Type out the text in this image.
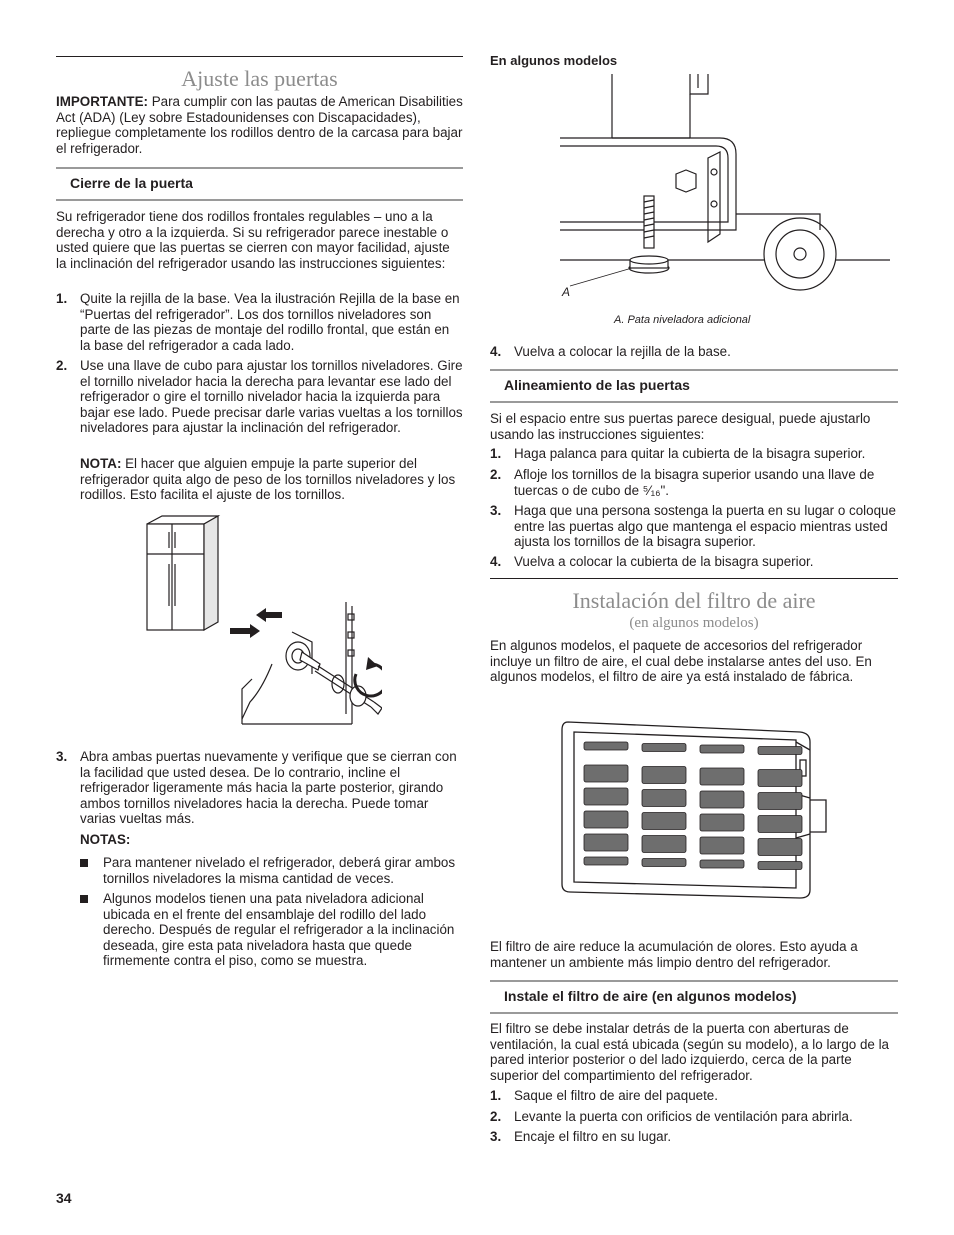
Ajuste las puertas

IMPORTANTE: Para cumplir con las pautas de American Disabilities Act (ADA) (Ley sobre Estadounidenses con Discapacidades), repliegue completamente los rodillos dentro de la carcasa para bajar el refrigerador.

Cierre de la puerta

Su refrigerador tiene dos rodillos frontales regulables – uno a la derecha y otro a la izquierda. Si su refrigerador parece inestable o usted quiere que las puertas se cierren con mayor facilidad, ajuste la inclinación del refrigerador usando las instrucciones siguientes:

1. Quite la rejilla de la base. Vea la ilustración Rejilla de la base en “Puertas del refrigerador”. Los dos tornillos niveladores son parte de las piezas de montaje del rodillo frontal, que están en la base del refrigerador a cada lado.
2. Use una llave de cubo para ajustar los tornillos niveladores. Gire el tornillo nivelador hacia la derecha para levantar ese lado del refrigerador o gire el tornillo nivelador hacia la izquierda para bajar ese lado. Puede precisar darle varias vueltas a los tornillos niveladores para ajustar la inclinación del refrigerador.

NOTA: El hacer que alguien empuje la parte superior del refrigerador quita algo de peso de los tornillos niveladores y los rodillos. Esto facilita el ajuste de los tornillos.

3. Abra ambas puertas nuevamente y verifique que se cierran con la facilidad que usted desea. De lo contrario, incline el refrigerador ligeramente más hacia la parte posterior, girando ambos tornillos niveladores hacia la derecha. Puede tomar varias vueltas más.

NOTAS:

Para mantener nivelado el refrigerador, deberá girar ambos tornillos niveladores la misma cantidad de veces.
Algunos modelos tienen una pata niveladora adicional ubicada en el frente del ensamblaje del rodillo del lado derecho. Después de regular el refrigerador a la inclinación deseada, gire esta pata niveladora hasta que quede firmemente contra el piso, como se muestra.

En algunos modelos

A
A. Pata niveladora adicional
4. Vuelva a colocar la rejilla de la base.
Alineamiento de las puertas

Si el espacio entre sus puertas parece desigual, puede ajustarlo usando las instrucciones siguientes:

1. Haga palanca para quitar la cubierta de la bisagra superior.
2. Afloje los tornillos de la bisagra superior usando una llave de tuercas o de cubo de ⁵⁄₁₆".
3. Haga que una persona sostenga la puerta en su lugar o coloque entre las puertas algo que mantenga el espacio mientras usted ajusta los tornillos de la bisagra superior.
4. Vuelva a colocar la cubierta de la bisagra superior.
Instalación del filtro de aire
(en algunos modelos)

En algunos modelos, el paquete de accesorios del refrigerador incluye un filtro de aire, el cual debe instalarse antes del uso. En algunos modelos, el filtro de aire ya está instalado de fábrica.

El filtro de aire reduce la acumulación de olores. Esto ayuda a mantener un ambiente más limpio dentro del refrigerador.

Instale el filtro de aire (en algunos modelos)

El filtro se debe instalar detrás de la puerta con aberturas de ventilación, la cual está ubicada (según su modelo), a lo largo de la pared interior posterior o del lado izquierdo, cerca de la parte superior del compartimiento del refrigerador.

1. Saque el filtro de aire del paquete.
2. Levante la puerta con orificios de ventilación para abrirla.
3. Encaje el filtro en su lugar.
34
